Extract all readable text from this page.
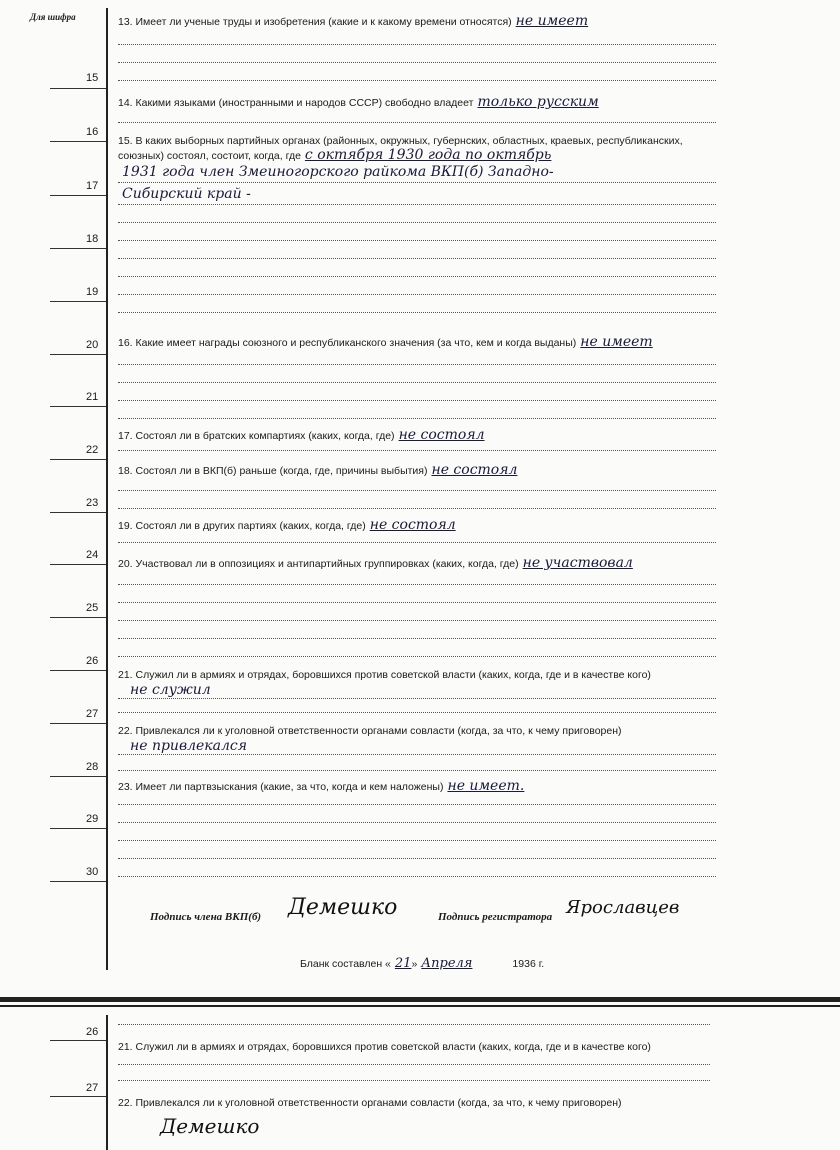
Для шифра
15
16
17
18
19
20
21
22
23
24
25
26
27
28
29
30
13. Имеет ли ученые труды и изобретения (какие и к какому времени относятся) не имеет
14. Какими языками (иностранными и народов СССР) свободно владеет только русским
15. В каких выборных партийных органах (районных, окружных, губернских, областных, краевых, республиканских, союзных) состоял, состоит, когда, где с октября 1930 года по октябрь
1931 года член Змеиногорского райкома ВКП(б) Западно-
Сибирский край -
16. Какие имеет награды союзного и республиканского значения (за что, кем и когда выданы) не имеет
17. Состоял ли в братских компартиях (каких, когда, где) не состоял
18. Состоял ли в ВКП(б) раньше (когда, где, причины выбытия) не состоял
19. Состоял ли в других партиях (каких, когда, где) не состоял
20. Участвовал ли в оппозициях и антипартийных группировках (каких, когда, где) не участвовал
21. Служил ли в армиях и отрядах, боровшихся против советской власти (каких, когда, где и в качестве кого)
не служил
22. Привлекался ли к уголовной ответственности органами совласти (когда, за что, к чему приговорен)
не привлекался
23. Имеет ли партвзыскания (какие, за что, когда и кем наложены) не имеет.
Подпись члена ВКП(б) Демешко	Подпись регистратора Ярославцев
Бланк составлен « 21» Апреля	1936 г.
26
27
21. Служил ли в армиях и отрядах, боровшихся против советской власти (каких, когда, где и в качестве кого)
22. Привлекался ли к уголовной ответственности органами совласти (когда, за что, к чему приговорен)
Демешко
